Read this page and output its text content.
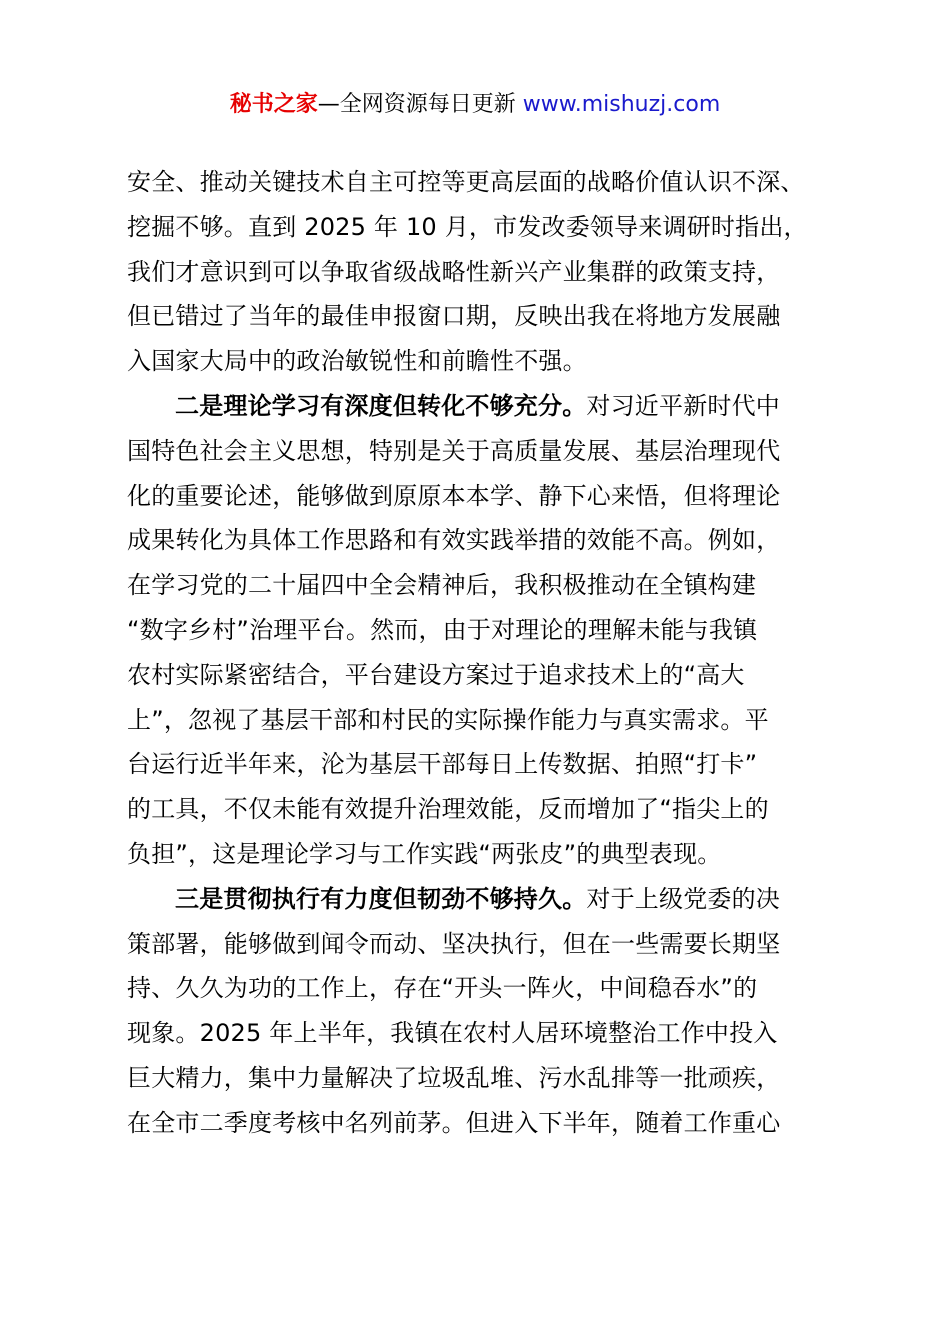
秘书之家—全网资源每日更新 www.mishuzj.com
安全、推动关键技术自主可控等更高层面的战略价值认识不深、
挖掘不够。直到 2025 年 10 月，市发改委领导来调研时指出，
我们才意识到可以争取省级战略性新兴产业集群的政策支持，
但已错过了当年的最佳申报窗口期，反映出我在将地方发展融
入国家大局中的政治敏锐性和前瞻性不强。
二是理论学习有深度但转化不够充分。对习近平新时代中
国特色社会主义思想，特别是关于高质量发展、基层治理现代
化的重要论述，能够做到原原本本学、静下心来悟，但将理论
成果转化为具体工作思路和有效实践举措的效能不高。例如，
在学习党的二十届四中全会精神后，我积极推动在全镇构建
“数字乡村”治理平台。然而，由于对理论的理解未能与我镇
农村实际紧密结合，平台建设方案过于追求技术上的“高大
上”，忽视了基层干部和村民的实际操作能力与真实需求。平
台运行近半年来，沦为基层干部每日上传数据、拍照“打卡”
的工具，不仅未能有效提升治理效能，反而增加了“指尖上的
负担”，这是理论学习与工作实践“两张皮”的典型表现。
三是贯彻执行有力度但韧劲不够持久。对于上级党委的决
策部署，能够做到闻令而动、坚决执行，但在一些需要长期坚
持、久久为功的工作上，存在“开头一阵火，中间稳吞水”的
现象。2025 年上半年，我镇在农村人居环境整治工作中投入
巨大精力，集中力量解决了垃圾乱堆、污水乱排等一批顽疾，
在全市二季度考核中名列前茅。但进入下半年，随着工作重心
